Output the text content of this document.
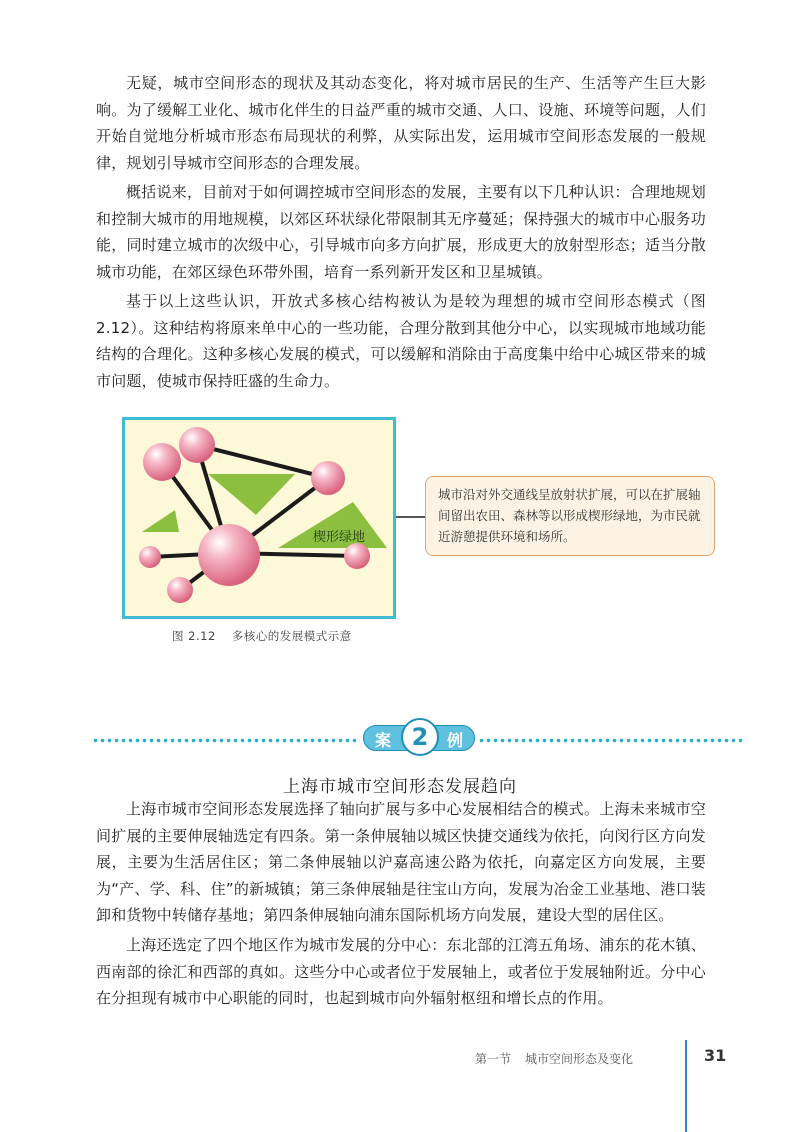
无疑，城市空间形态的现状及其动态变化，将对城市居民的生产、生活等产生巨大影响。为了缓解工业化、城市化伴生的日益严重的城市交通、人口、设施、环境等问题，人们开始自觉地分析城市形态布局现状的利弊，从实际出发，运用城市空间形态发展的一般规律，规划引导城市空间形态的合理发展。

概括说来，目前对于如何调控城市空间形态的发展，主要有以下几种认识：合理地规划和控制大城市的用地规模，以郊区环状绿化带限制其无序蔓延；保持强大的城市中心服务功能，同时建立城市的次级中心，引导城市向多方向扩展，形成更大的放射型形态；适当分散城市功能，在郊区绿色环带外围，培育一系列新开发区和卫星城镇。

基于以上这些认识，开放式多核心结构被认为是较为理想的城市空间形态模式（图2.12）。这种结构将原来单中心的一些功能，合理分散到其他分中心，以实现城市地域功能结构的合理化。这种多核心发展的模式，可以缓解和消除由于高度集中给中心城区带来的城市问题，使城市保持旺盛的生命力。

楔形绿地
城市沿对外交通线呈放射状扩展，可以在扩展轴间留出农田、森林等以形成楔形绿地，为市民就近游憩提供环境和场所。
图 2.12 多核心的发展模式示意
案 2	例
上海市城市空间形态发展趋向

上海市城市空间形态发展选择了轴向扩展与多中心发展相结合的模式。上海未来城市空间扩展的主要伸展轴选定有四条。第一条伸展轴以城区快捷交通线为依托，向闵行区方向发展，主要为生活居住区；第二条伸展轴以沪嘉高速公路为依托，向嘉定区方向发展，主要为“产、学、科、住”的新城镇；第三条伸展轴是往宝山方向，发展为冶金工业基地、港口装卸和货物中转储存基地；第四条伸展轴向浦东国际机场方向发展，建设大型的居住区。

上海还选定了四个地区作为城市发展的分中心：东北部的江湾五角场、浦东的花木镇、西南部的徐汇和西部的真如。这些分中心或者位于发展轴上，或者位于发展轴附近。分中心在分担现有城市中心职能的同时，也起到城市向外辐射枢纽和增长点的作用。

第一节 城市空间形态及变化	31
